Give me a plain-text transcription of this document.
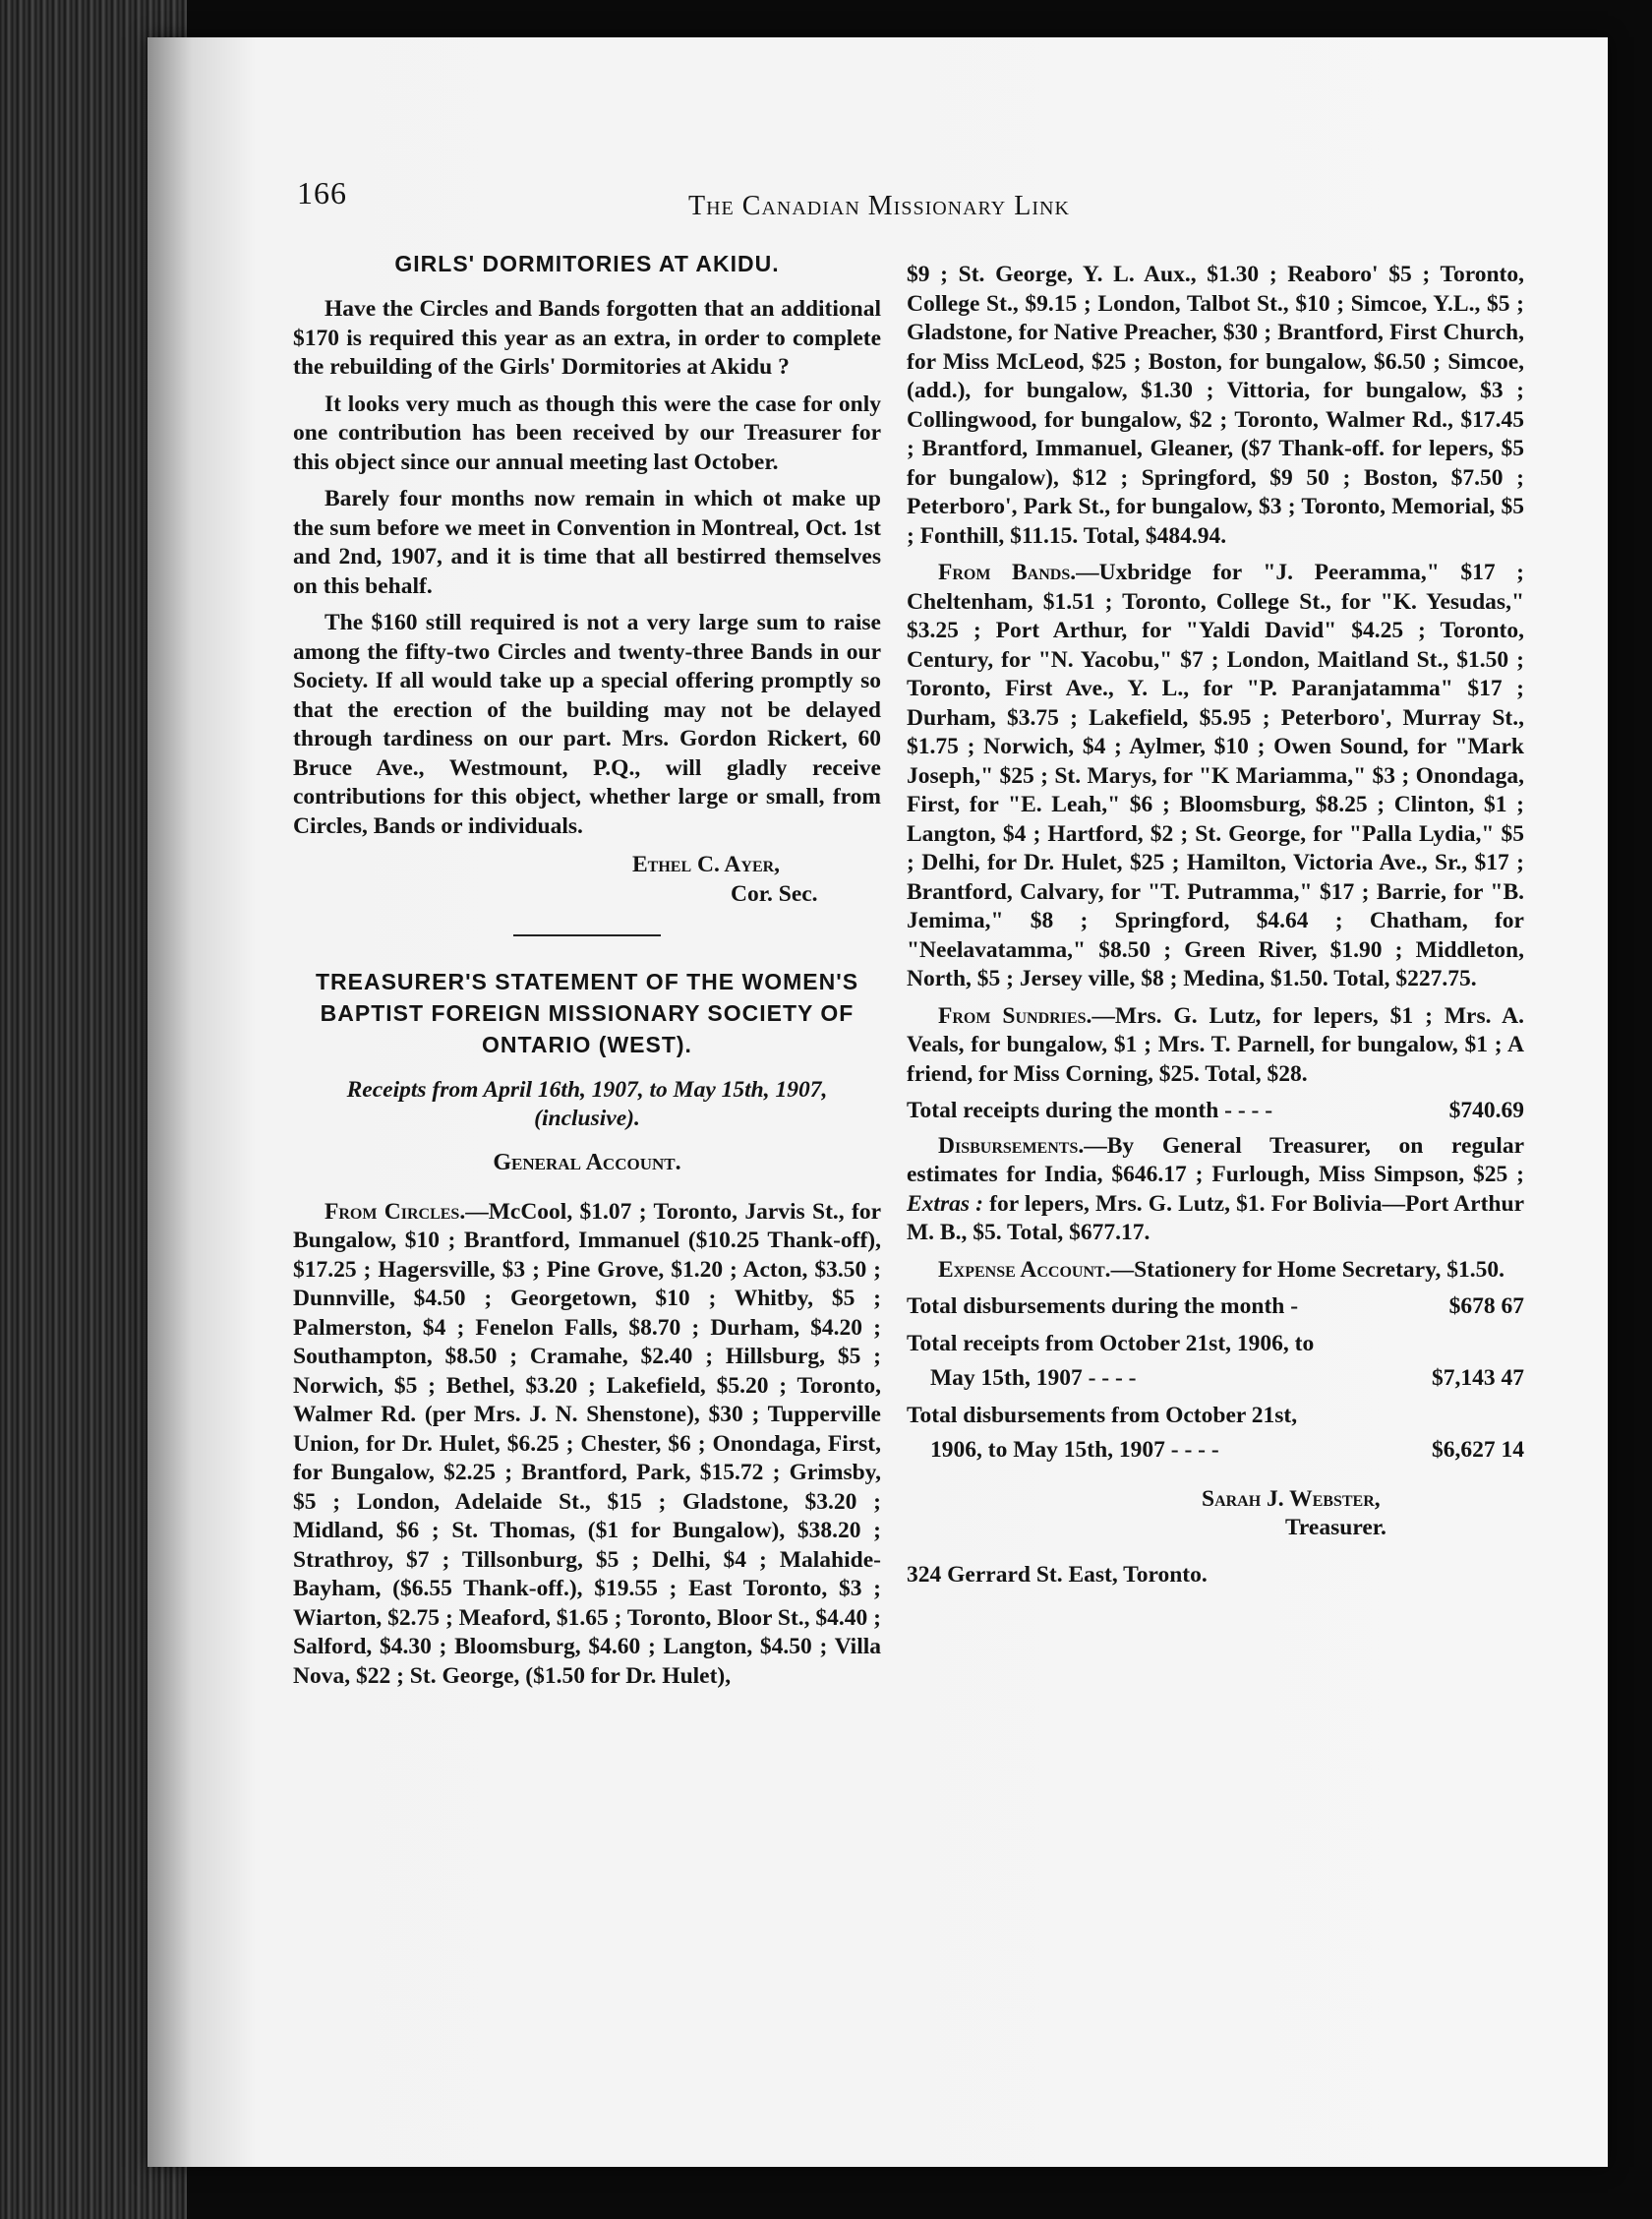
166	The Canadian Missionary Link
GIRLS' DORMITORIES AT AKIDU.

Have the Circles and Bands forgotten that an additional $170 is required this year as an extra, in order to complete the rebuilding of the Girls' Dormitories at Akidu ?

It looks very much as though this were the case for only one contribution has been received by our Treasurer for this object since our annual meeting last October.

Barely four months now remain in which ot make up the sum before we meet in Convention in Montreal, Oct. 1st and 2nd, 1907, and it is time that all bestirred themselves on this behalf.

The $160 still required is not a very large sum to raise among the fifty-two Circles and twenty-three Bands in our Society. If all would take up a special offering promptly so that the erection of the building may not be delayed through tardiness on our part. Mrs. Gordon Rickert, 60 Bruce Ave., Westmount, P.Q., will gladly receive contributions for this object, whether large or small, from Circles, Bands or individuals.

Ethel C. Ayer,
Cor. Sec.
TREASURER'S STATEMENT OF THE WOMEN'S BAPTIST FOREIGN MISSIONARY SOCIETY OF ONTARIO (WEST).
Receipts from April 16th, 1907, to May 15th, 1907, (inclusive).
General Account.

From Circles.—McCool, $1.07 ; Toronto, Jarvis St., for Bungalow, $10 ; Brantford, Immanuel ($10.25 Thank-off), $17.25 ; Hagersville, $3 ; Pine Grove, $1.20 ; Acton, $3.50 ; Dunnville, $4.50 ; Georgetown, $10 ; Whitby, $5 ; Palmerston, $4 ; Fenelon Falls, $8.70 ; Durham, $4.20 ; Southampton, $8.50 ; Cramahe, $2.40 ; Hillsburg, $5 ; Norwich, $5 ; Bethel, $3.20 ; Lakefield, $5.20 ; Toronto, Walmer Rd. (per Mrs. J. N. Shenstone), $30 ; Tupperville Union, for Dr. Hulet, $6.25 ; Chester, $6 ; Onondaga, First, for Bungalow, $2.25 ; Brantford, Park, $15.72 ; Grimsby, $5 ; London, Adelaide St., $15 ; Gladstone, $3.20 ; Midland, $6 ; St. Thomas, ($1 for Bungalow), $38.20 ; Strathroy, $7 ; Tillsonburg, $5 ; Delhi, $4 ; Malahide-Bayham, ($6.55 Thank-off.), $19.55 ; East Toronto, $3 ; Wiarton, $2.75 ; Meaford, $1.65 ; Toronto, Bloor St., $4.40 ; Salford, $4.30 ; Bloomsburg, $4.60 ; Langton, $4.50 ; Villa Nova, $22 ; St. George, ($1.50 for Dr. Hulet),

$9 ; St. George, Y. L. Aux., $1.30 ; Reaboro' $5 ; Toronto, College St., $9.15 ; London, Talbot St., $10 ; Simcoe, Y.L., $5 ; Gladstone, for Native Preacher, $30 ; Brantford, First Church, for Miss McLeod, $25 ; Boston, for bungalow, $6.50 ; Simcoe, (add.), for bungalow, $1.30 ; Vittoria, for bungalow, $3 ; Collingwood, for bungalow, $2 ; Toronto, Walmer Rd., $17.45 ; Brantford, Immanuel, Gleaner, ($7 Thank-off. for lepers, $5 for bungalow), $12 ; Springford, $9 50 ; Boston, $7.50 ; Peterboro', Park St., for bungalow, $3 ; Toronto, Memorial, $5 ; Fonthill, $11.15. Total, $484.94.

From Bands.—Uxbridge for "J. Peeramma," $17 ; Cheltenham, $1.51 ; Toronto, College St., for "K. Yesudas," $3.25 ; Port Arthur, for "Yaldi David" $4.25 ; Toronto, Century, for "N. Yacobu," $7 ; London, Maitland St., $1.50 ; Toronto, First Ave., Y. L., for "P. Paranjatamma" $17 ; Durham, $3.75 ; Lakefield, $5.95 ; Peterboro', Murray St., $1.75 ; Norwich, $4 ; Aylmer, $10 ; Owen Sound, for "Mark Joseph," $25 ; St. Marys, for "K Mariamma," $3 ; Onondaga, First, for "E. Leah," $6 ; Bloomsburg, $8.25 ; Clinton, $1 ; Langton, $4 ; Hartford, $2 ; St. George, for "Palla Lydia," $5 ; Delhi, for Dr. Hulet, $25 ; Hamilton, Victoria Ave., Sr., $17 ; Brantford, Calvary, for "T. Putramma," $17 ; Barrie, for "B. Jemima," $8 ; Springford, $4.64 ; Chatham, for "Neelavatamma," $8.50 ; Green River, $1.90 ; Middleton, North, $5 ; Jersey ville, $8 ; Medina, $1.50. Total, $227.75.

From Sundries.—Mrs. G. Lutz, for lepers, $1 ; Mrs. A. Veals, for bungalow, $1 ; Mrs. T. Parnell, for bungalow, $1 ; A friend, for Miss Corning, $25. Total, $28.

Total receipts during the month - - - -	$740.69

Disbursements.—By General Treasurer, on regular estimates for India, $646.17 ; Furlough, Miss Simpson, $25 ; Extras : for lepers, Mrs. G. Lutz, $1. For Bolivia—Port Arthur M. B., $5. Total, $677.17.

Expense Account.—Stationery for Home Secretary, $1.50.

Total disbursements during the month -	$678 67
Total receipts from October 21st, 1906, to
May 15th, 1907 - - - -	$7,143 47
Total disbursements from October 21st,
1906, to May 15th, 1907 - - - -	$6,627 14
Sarah J. Webster,
Treasurer.
324 Gerrard St. East, Toronto.
